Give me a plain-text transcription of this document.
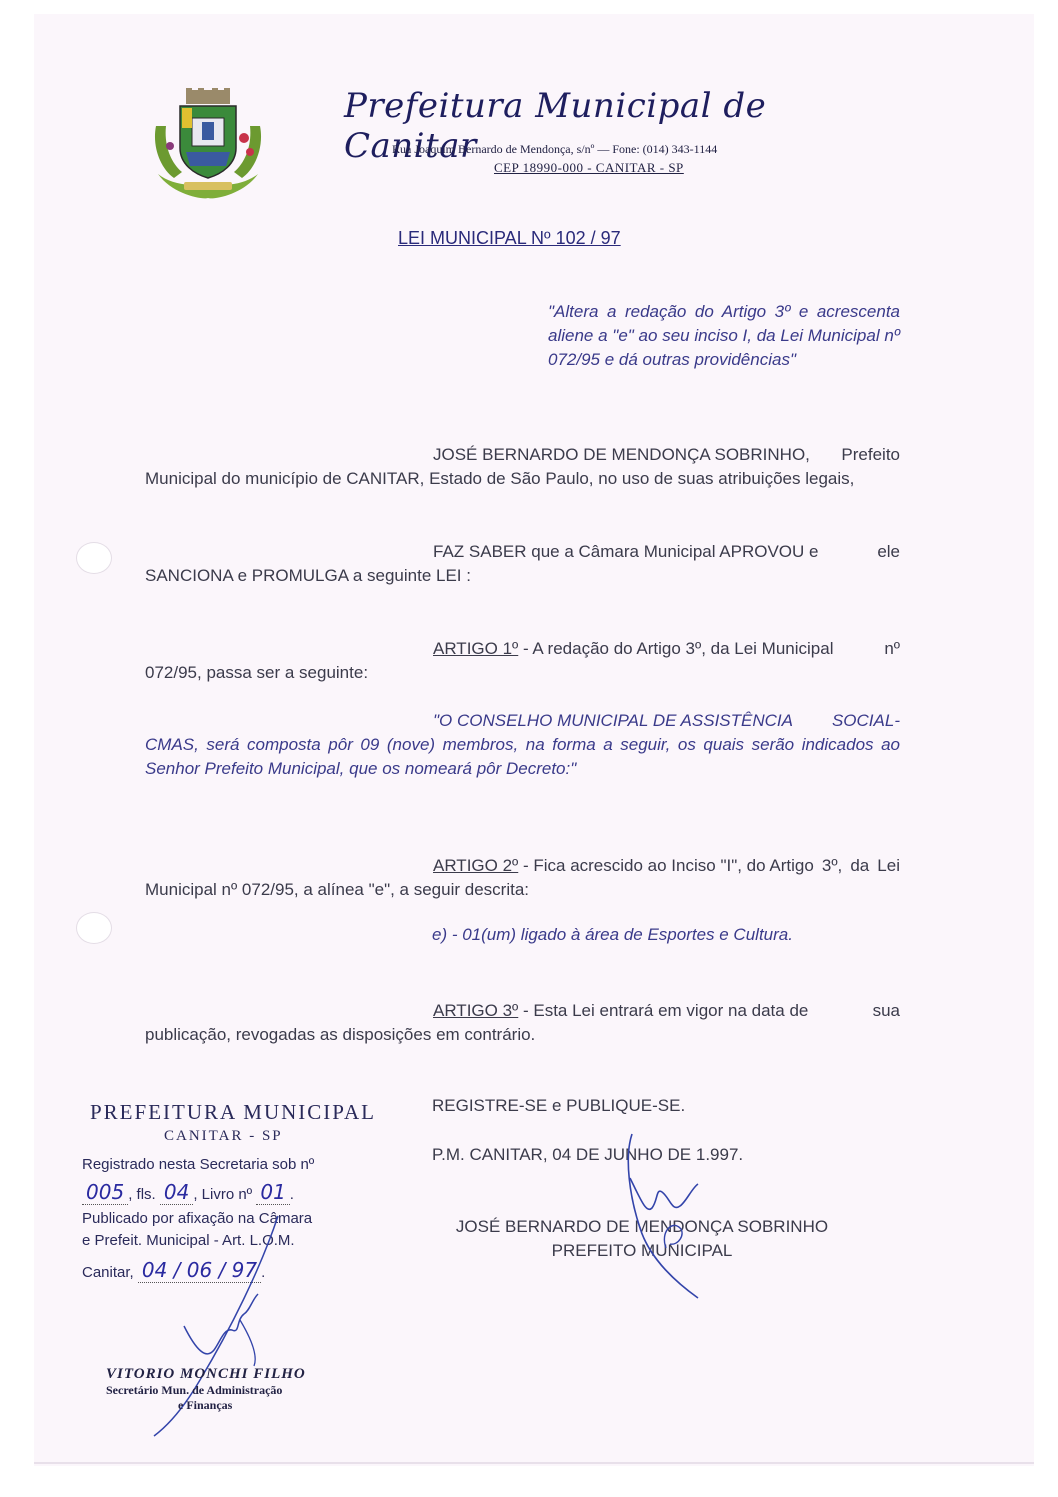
Prefeitura Municipal de Canitar
Rua Joaquim Bernardo de Mendonça, s/nº — Fone: (014) 343-1144
CEP 18990-000 - CANITAR - SP
LEI MUNICIPAL Nº 102 / 97
"Altera a redação do Artigo 3º e acrescenta aliene a "e" ao seu inciso I, da Lei Municipal nº 072/95 e dá outras providências"
JOSÉ BERNARDO DE MENDONÇA SOBRINHO, Prefeito Municipal do município de CANITAR, Estado de São Paulo, no uso de suas atribuições legais,
FAZ SABER que a Câmara Municipal APROVOU e	ele SANCIONA e PROMULGA a seguinte LEI :
ARTIGO 1º - A redação do Artigo 3º, da Lei Municipal	nº 072/95, passa ser a seguinte:
"O CONSELHO MUNICIPAL DE ASSISTÊNCIA SOCIAL-CMAS, será composta pôr 09 (nove) membros, na forma a seguir, os quais serão indicados ao Senhor Prefeito Municipal, que os nomeará pôr Decreto:"
ARTIGO 2º - Fica acrescido ao Inciso "I", do Artigo 3º, da Lei Municipal nº 072/95, a alínea "e", a seguir descrita:
e) - 01(um) ligado à área de Esportes e Cultura.
ARTIGO 3º - Esta Lei entrará em vigor na data de	sua publicação, revogadas as disposições em contrário.
REGISTRE-SE e PUBLIQUE-SE.
P.M. CANITAR, 04 DE JUNHO DE 1.997.
JOSÉ BERNARDO DE MENDONÇA SOBRINHO
PREFEITO MUNICIPAL
PREFEITURA MUNICIPAL
CANITAR - SP
Registrado nesta Secretaria sob nº
005 , fls. 04 , Livro nº 01 .
Publicado por afixação na Câmara
e Prefeit. Municipal - Art. L.O.M.
Canitar, 04 / 06 / 97 .
VITORIO MONCHI FILHO
Secretário Mun. de Administração
e Finanças
